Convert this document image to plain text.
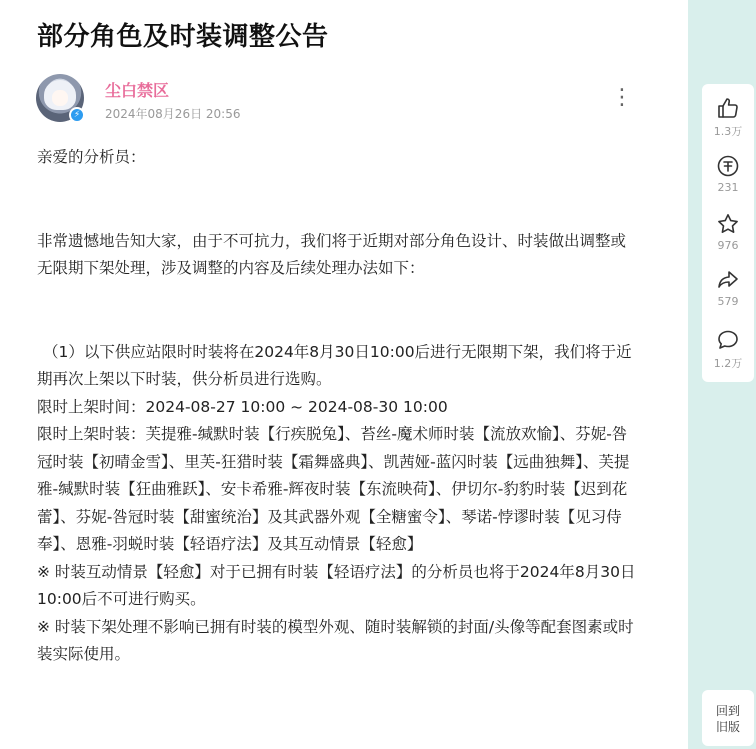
部分角色及时装调整公告
⚡
尘白禁区
2024年08月26日 20:56
⋮

亲爱的分析员：

非常遗憾地告知大家，由于不可抗力，我们将于近期对部分角色设计、时装做出调整或无限期下架处理，涉及调整的内容及后续处理办法如下：

（1）以下供应站限时时装将在2024年8月30日10:00后进行无限期下架，我们将于近期再次上架以下时装，供分析员进行选购。

限时上架时间：2024-08-27 10:00 ~ 2024-08-30 10:00

限时上架时装：芙提雅-缄默时装【行疾脱兔】、苔丝-魔术师时装【流放欢愉】、芬妮-咎冠时装【初晴金雪】、里芙-狂猎时装【霜舞盛典】、凯茜娅-蓝闪时装【远曲独舞】、芙提雅-缄默时装【狂曲雅跃】、安卡希雅-辉夜时装【东流映荷】、伊切尔-豹豹时装【迟到花蕾】、芬妮-咎冠时装【甜蜜统治】及其武器外观【全糖蜜令】、琴诺-悖谬时装【见习侍奉】、恩雅-羽蜕时装【轻语疗法】及其互动情景【轻愈】

※ 时装互动情景【轻愈】对于已拥有时装【轻语疗法】的分析员也将于2024年8月30日10:00后不可进行购买。

※ 时装下架处理不影响已拥有时装的模型外观、随时装解锁的封面/头像等配套图素或时装实际使用。

1.3万
231
976
579
1.2万
回到
旧版
